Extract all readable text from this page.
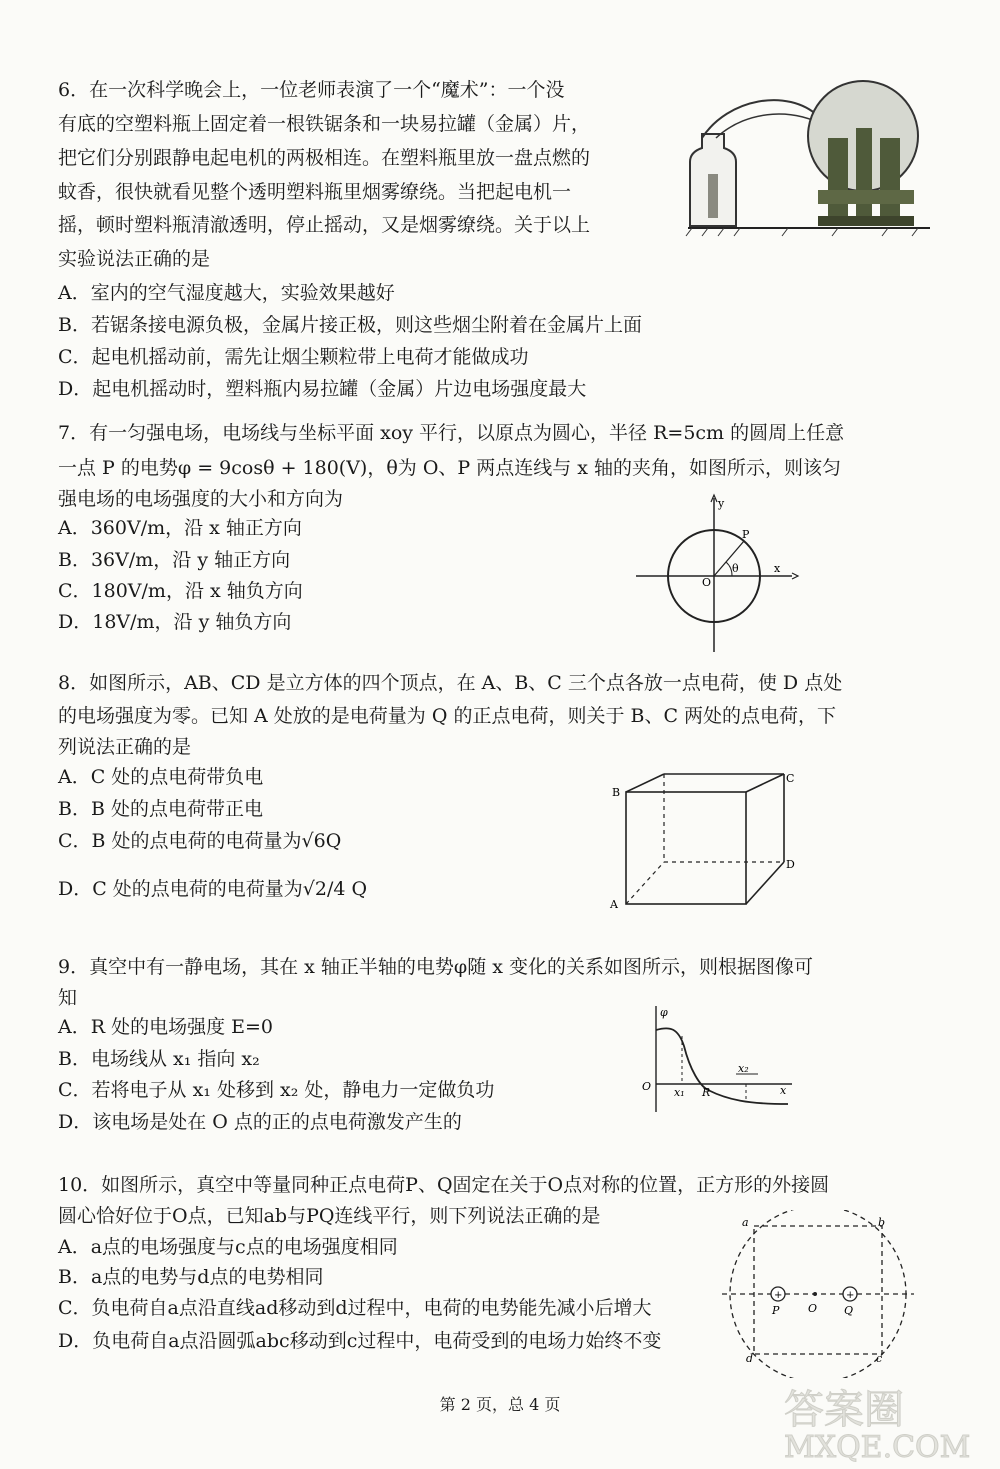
6．在一次科学晚会上，一位老师表演了一个“魔术”：一个没
有底的空塑料瓶上固定着一根铁锯条和一块易拉罐（金属）片，
把它们分别跟静电起电机的两极相连。在塑料瓶里放一盘点燃的
蚊香，很快就看见整个透明塑料瓶里烟雾缭绕。当把起电机一
摇，顿时塑料瓶清澈透明，停止摇动，又是烟雾缭绕。关于以上
实验说法正确的是
A．室内的空气湿度越大，实验效果越好
B．若锯条接电源负极，金属片接正极，则这些烟尘附着在金属片上面
C．起电机摇动前，需先让烟尘颗粒带上电荷才能做成功
D．起电机摇动时，塑料瓶内易拉罐（金属）片边电场强度最大
7．有一匀强电场，电场线与坐标平面 xoy 平行，以原点为圆心，半径 R=5cm 的圆周上任意
一点 P 的电势φ = 9cosθ + 180(V)，θ为 O、P 两点连线与 x 轴的夹角，如图所示，则该匀
强电场的电场强度的大小和方向为
A．360V/m，沿 x 轴正方向
B．36V/m，沿 y 轴正方向
C．180V/m，沿 x 轴负方向
D．18V/m，沿 y 轴负方向
y
x
P
O
θ
8．如图所示，AB、CD 是立方体的四个顶点，在 A、B、C 三个点各放一点电荷，使 D 点处
的电场强度为零。已知 A 处放的是电荷量为 Q 的正点电荷，则关于 B、C 两处的点电荷，下
列说法正确的是
A．C 处的点电荷带负电
B．B 处的点电荷带正电
C．B 处的点电荷的电荷量为√6Q
D．C 处的点电荷的电荷量为√2/4 Q
A
B
C
D
9．真空中有一静电场，其在 x 轴正半轴的电势φ随 x 变化的关系如图所示，则根据图像可
知
A．R 处的电场强度 E=0
B．电场线从 x₁ 指向 x₂
C．若将电子从 x₁ 处移到 x₂ 处，静电力一定做负功
D．该电场是处在 O 点的正的点电荷激发产生的
φ
O x₁ R
x₂
x
10．如图所示，真空中等量同种正点电荷P、Q固定在关于O点对称的位置，正方形的外接圆
圆心恰好位于O点，已知ab与PQ连线平行，则下列说法正确的是
A．a点的电场强度与c点的电场强度相同
B．a点的电势与d点的电势相同
C．负电荷自a点沿直线ad移动到d过程中，电荷的电势能先减小后增大
D．负电荷自a点沿圆弧abc移动到c过程中，电荷受到的电场力始终不变
+	+
a	b
c
d
P	O Q
第 2 页，总 4 页	答案圈
MXQE.COM
